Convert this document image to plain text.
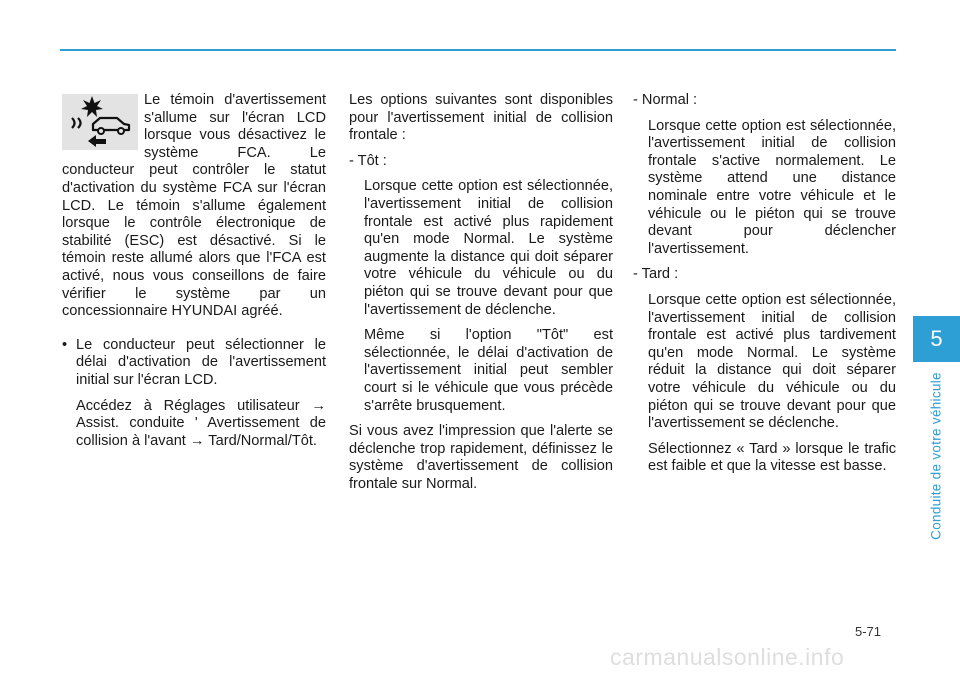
Le témoin d'avertissement s'allume sur l'écran LCD lorsque vous désactivez le système FCA. Le conducteur peut contrôler le statut d'activation du système FCA sur l'écran LCD. Le témoin s'allume également lorsque le contrôle électronique de stabilité (ESC) est désactivé. Si le témoin reste allumé alors que l'FCA est activé, nous vous conseillons de faire vérifier le système par un concessionnaire HYUNDAI agréé.

• Le conducteur peut sélectionner le délai d'activation de l'avertissement initial sur l'écran LCD.

Accédez à Réglages utilisateur → Assist. conduite ' Avertissement de collision à l'avant → Tard/Normal/Tôt.

Les options suivantes sont disponibles pour l'avertissement initial de collision frontale :

- Tôt :

Lorsque cette option est sélectionnée, l'avertissement initial de collision frontale est activé plus rapidement qu'en mode Normal. Le système augmente la distance qui doit séparer votre véhicule du véhicule ou du piéton qui se trouve devant pour que l'avertissement de déclenche.

Même si l'option "Tôt" est sélectionnée, le délai d'activation de l'avertissement initial peut sembler court si le véhicule que vous précède s'arrête brusquement.

Si vous avez l'impression que l'alerte se déclenche trop rapidement, définissez le système d'avertissement de collision frontale sur Normal.

- Normal :

Lorsque cette option est sélectionnée, l'avertissement initial de collision frontale s'active normalement. Le système attend une distance nominale entre votre véhicule et le véhicule ou le piéton qui se trouve devant pour déclencher l'avertissement.

- Tard :

Lorsque cette option est sélectionnée, l'avertissement initial de collision frontale est activé plus tardivement qu'en mode Normal. Le système réduit la distance qui doit séparer votre véhicule du véhicule ou du piéton qui se trouve devant pour que l'avertissement se déclenche.

Sélectionnez « Tard » lorsque le trafic est faible et que la vitesse est basse.

5
Conduite de votre véhicule
5-71
carmanualsonline.info
